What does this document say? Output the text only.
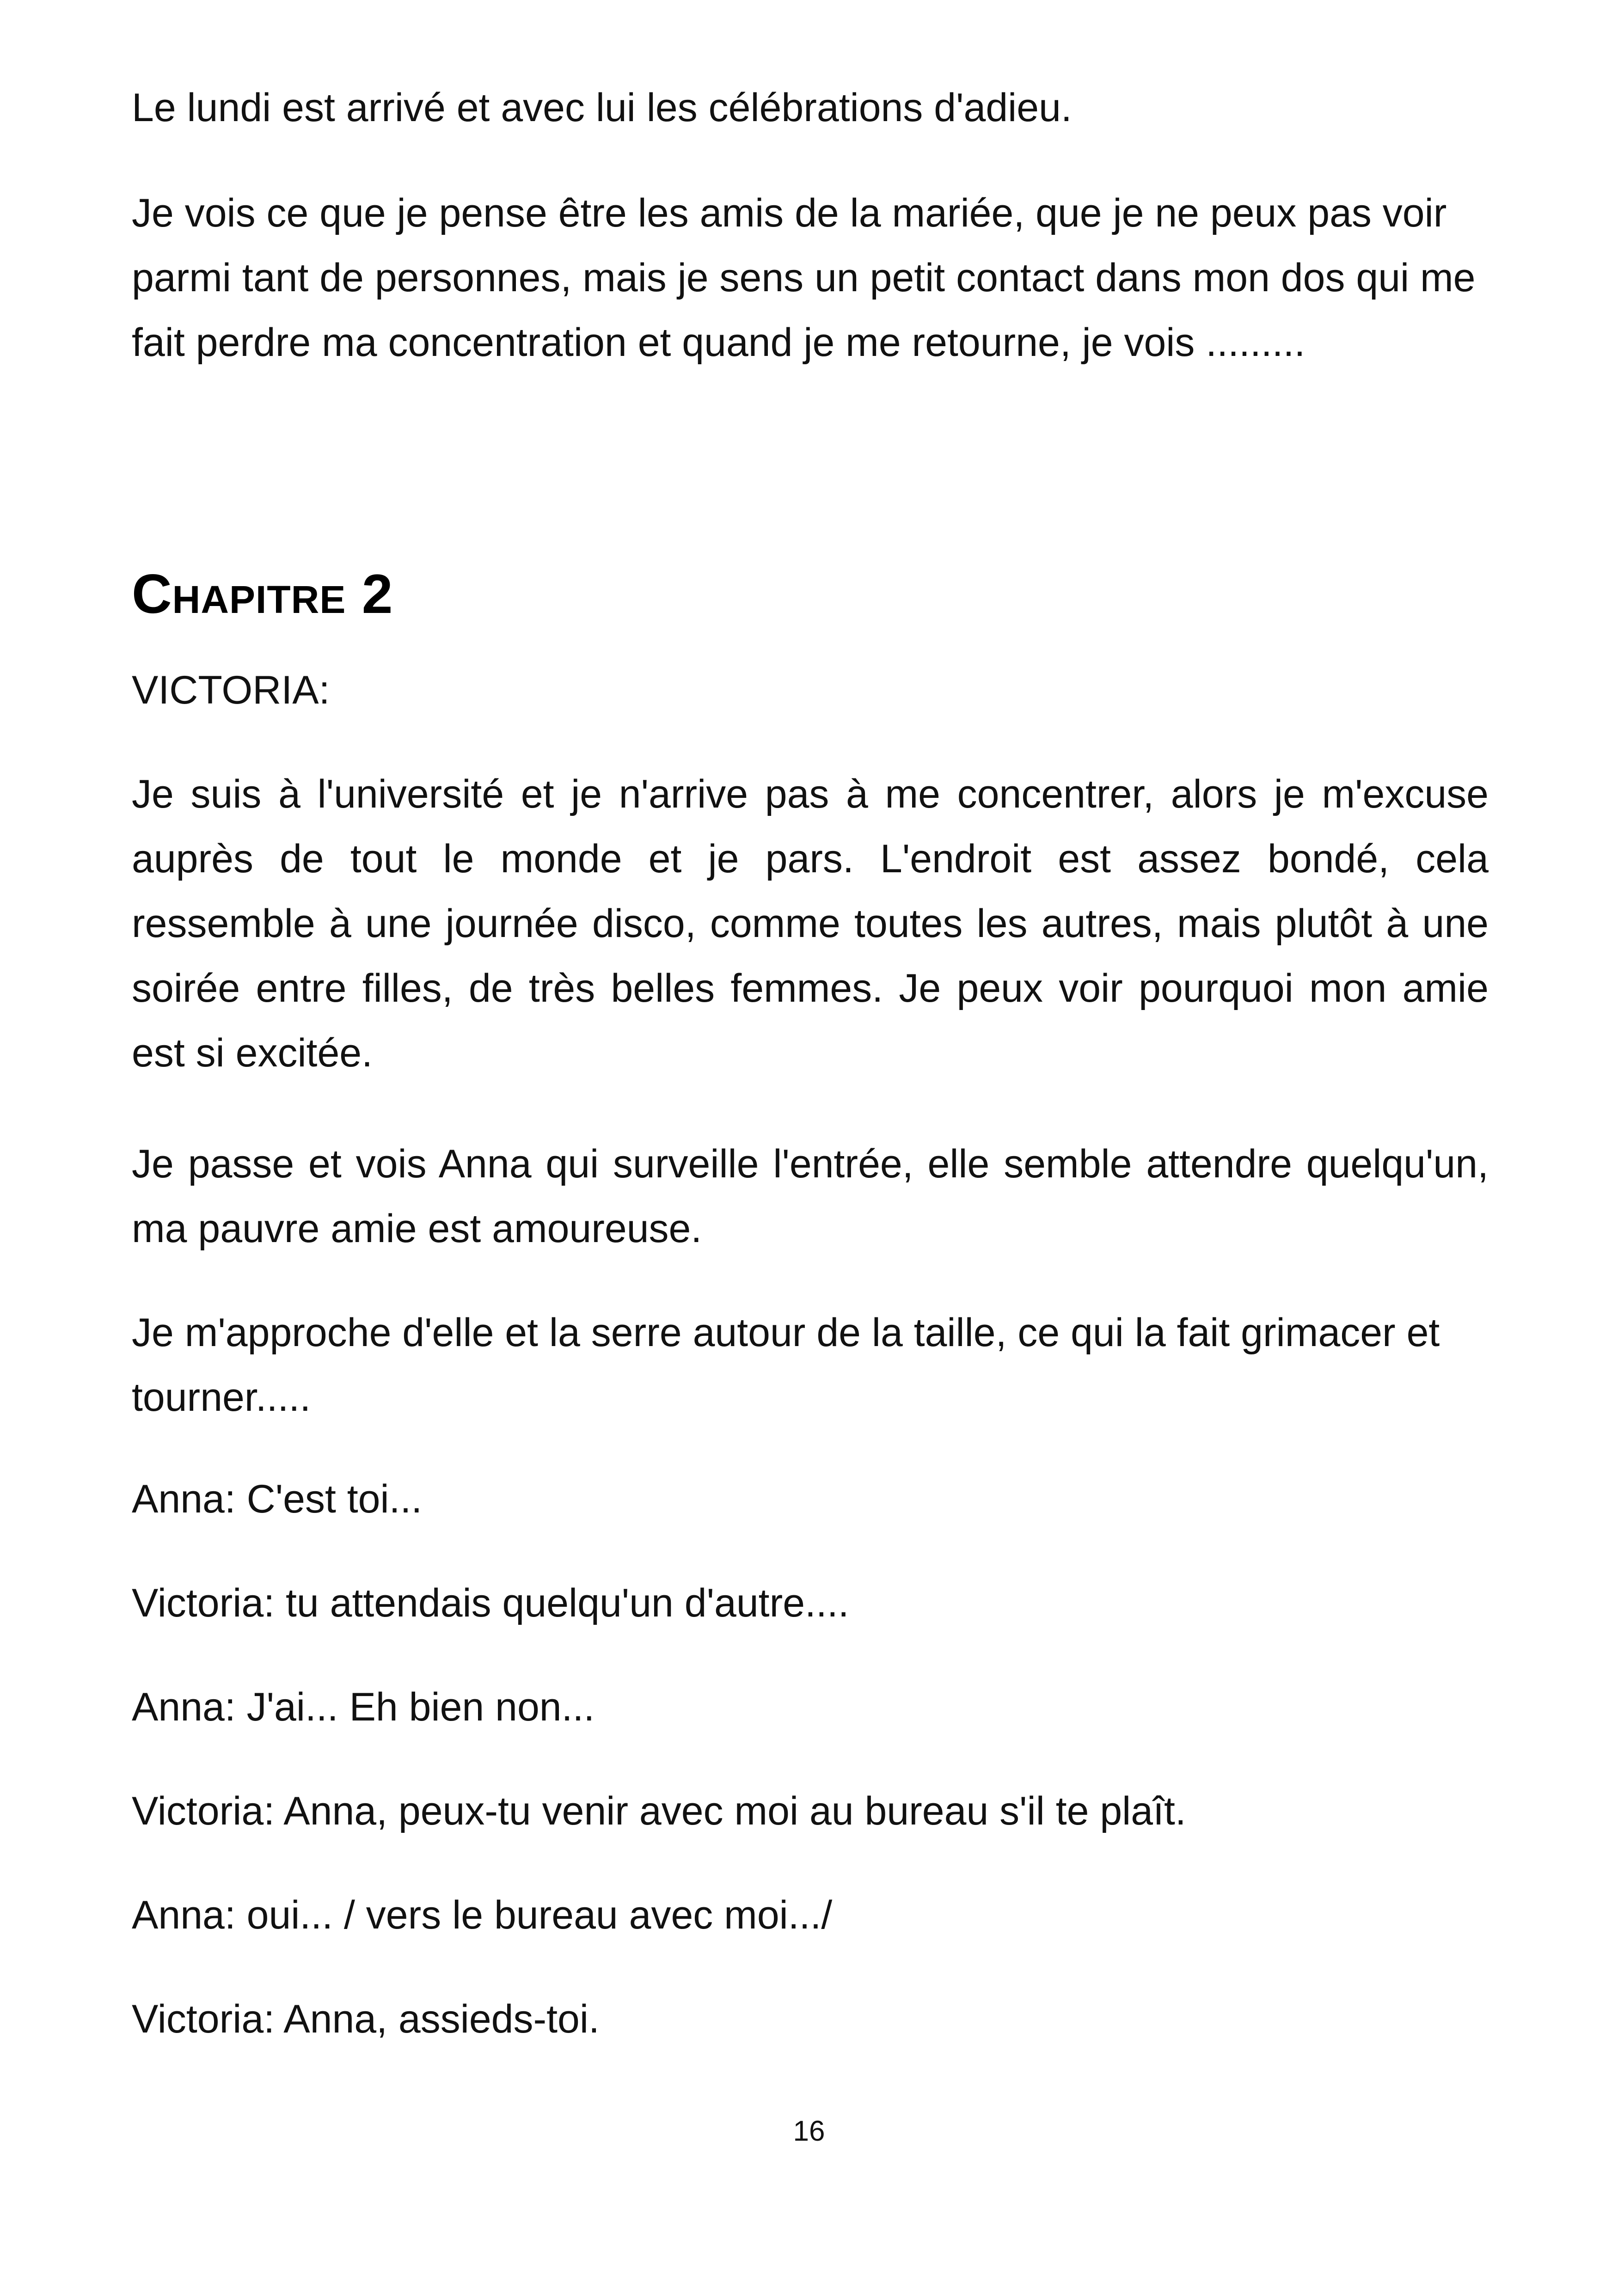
Le lundi est arrivé et avec lui les célébrations d'adieu.

Je vois ce que je pense être les amis de la mariée, que je ne peux pas voir parmi tant de personnes, mais je sens un petit contact dans mon dos qui me fait perdre ma concentration et quand je me retourne, je vois .........

Chapitre 2

VICTORIA:

Je suis à l'université et je n'arrive pas à me concentrer, alors je m'excuse auprès de tout le monde et je pars. L'endroit est assez bondé, cela ressemble à une journée disco, comme toutes les autres, mais plutôt à une soirée entre filles, de très belles femmes. Je peux voir pourquoi mon amie est si excitée.

Je passe et vois Anna qui surveille l'entrée, elle semble attendre quelqu'un, ma pauvre amie est amoureuse.

Je m'approche d'elle et la serre autour de la taille, ce qui la fait grimacer et tourner.....

Anna: C'est toi...

Victoria: tu attendais quelqu'un d'autre....

Anna: J'ai... Eh bien non...

Victoria: Anna, peux-tu venir avec moi au bureau s'il te plaît.

Anna: oui... / vers le bureau avec moi.../

Victoria: Anna, assieds-toi.

16
